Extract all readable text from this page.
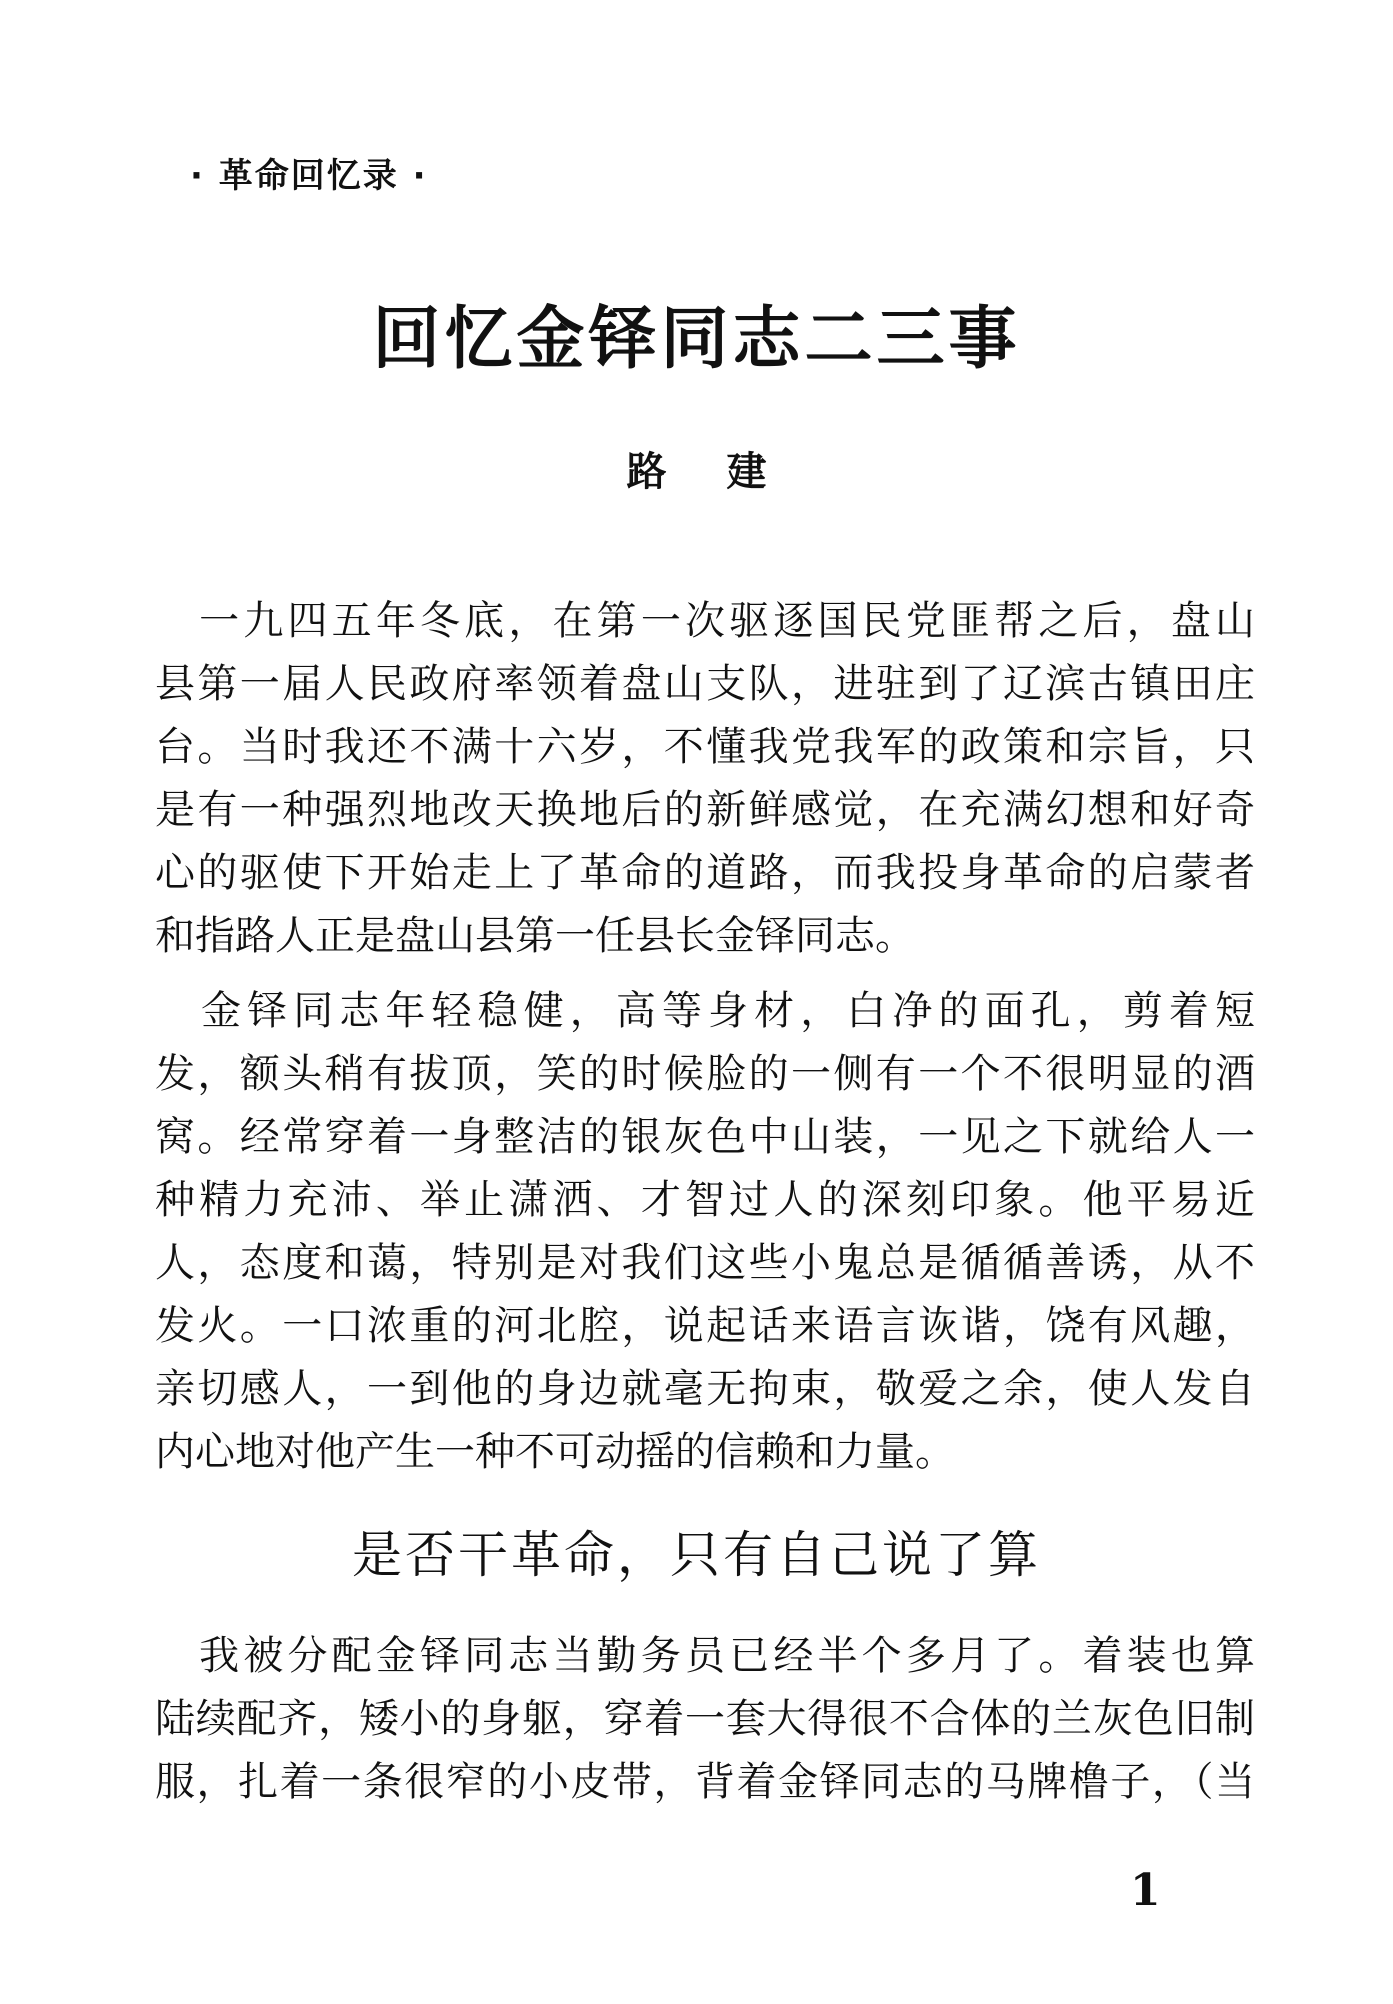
· 革命回忆录 ·
回忆金铎同志二三事
路建
　一九四五年冬底，在第一次驱逐国民党匪帮之后，盘山
县第一届人民政府率领着盘山支队，进驻到了辽滨古镇田庄
台。当时我还不满十六岁，不懂我党我军的政策和宗旨，只
是有一种强烈地改天换地后的新鲜感觉，在充满幻想和好奇
心的驱使下开始走上了革命的道路，而我投身革命的启蒙者
和指路人正是盘山县第一任县长金铎同志。
　金铎同志年轻稳健，高等身材，白净的面孔，剪着短
发，额头稍有拔顶，笑的时候脸的一侧有一个不很明显的酒
窝。经常穿着一身整洁的银灰色中山装，一见之下就给人一
种精力充沛、举止潇洒、才智过人的深刻印象。他平易近
人，态度和蔼，特别是对我们这些小鬼总是循循善诱，从不
发火。一口浓重的河北腔，说起话来语言诙谐，饶有风趣，
亲切感人，一到他的身边就毫无拘束，敬爱之余，使人发自
内心地对他产生一种不可动摇的信赖和力量。
是否干革命，只有自己说了算
　我被分配金铎同志当勤务员已经半个多月了。着装也算
陆续配齐，矮小的身躯，穿着一套大得很不合体的兰灰色旧制
服，扎着一条很窄的小皮带，背着金铎同志的马牌橹子，（当
1
